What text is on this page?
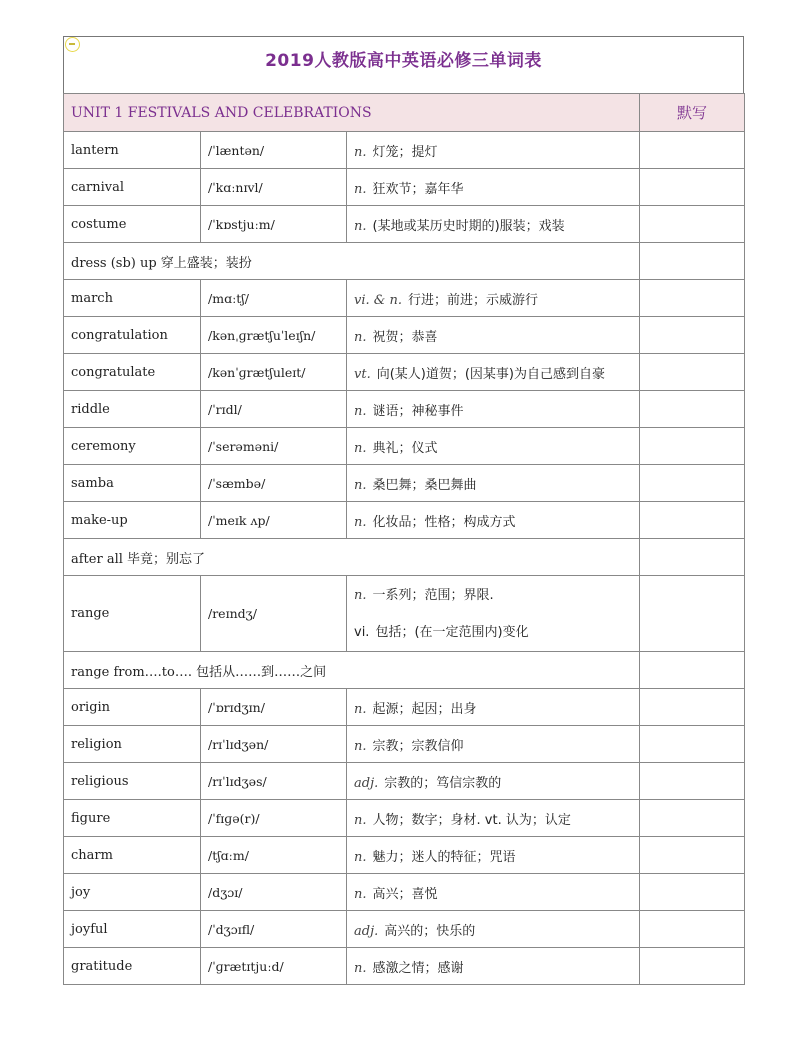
2019人教版高中英语必修三单词表
UNIT 1 FESTIVALS AND CELEBRATIONS			默写
lantern	/ˈlæntən/	n. 灯笼；提灯	
carnival	/ˈkɑːnɪvl/	n. 狂欢节；嘉年华	
costume	/ˈkɒstjuːm/	n. (某地或某历史时期的)服装；戏装	
dress (sb) up 穿上盛装；装扮			
march	/mɑːtʃ/	vi. & n. 行进；前进；示威游行	
congratulation	/kənˌɡrætʃuˈleɪʃn/	n. 祝贺；恭喜	
congratulate	/kənˈɡrætʃuleɪt/	vt. 向(某人)道贺；(因某事)为自己感到自豪	
riddle	/ˈrɪdl/	n. 谜语；神秘事件	
ceremony	/ˈserəməni/	n. 典礼；仪式	
samba	/ˈsæmbə/	n. 桑巴舞；桑巴舞曲	
make-up	/ˈmeɪk ʌp/	n. 化妆品；性格；构成方式	
after all 毕竟；别忘了			
range	/reɪndʒ/	n. 一系列；范围；界限.
vi. 包括；(在一定范围内)变化	

range from….to…. 包括从……到……之间			
origin	/ˈɒrɪdʒɪn/	n. 起源；起因；出身	
religion	/rɪˈlɪdʒən/	n. 宗教；宗教信仰	
religious	/rɪˈlɪdʒəs/	adj. 宗教的；笃信宗教的	
figure	/ˈfɪɡə(r)/	n. 人物；数字；身材. vt. 认为；认定	
charm	/tʃɑːm/	n. 魅力；迷人的特征；咒语	
joy	/dʒɔɪ/	n. 高兴；喜悦	
joyful	/ˈdʒɔɪfl/	adj. 高兴的；快乐的	
gratitude	/ˈɡrætɪtjuːd/	n. 感激之情；感谢	
